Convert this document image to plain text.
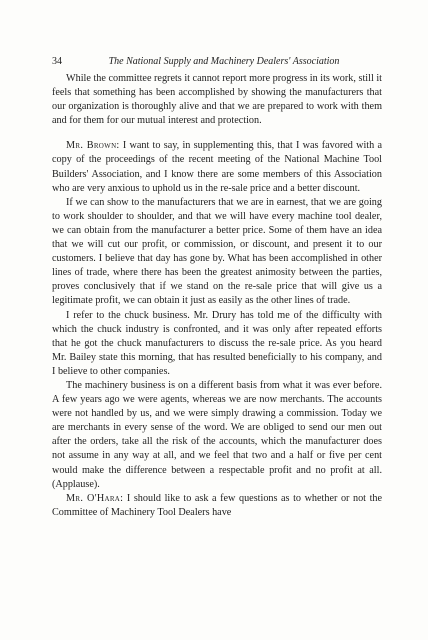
34	The National Supply and Machinery Dealers' Association

While the committee regrets it cannot report more progress in its work, still it feels that something has been accomplished by showing the manufacturers that our organization is thoroughly alive and that we are prepared to work with them and for them for our mutual interest and protection.

Mr. Brown: I want to say, in supplementing this, that I was favored with a copy of the proceedings of the recent meeting of the National Machine Tool Builders' Association, and I know there are some members of this Association who are very anxious to uphold us in the re-sale price and a better discount.

If we can show to the manufacturers that we are in earnest, that we are going to work shoulder to shoulder, and that we will have every machine tool dealer, we can obtain from the manufacturer a better price. Some of them have an idea that we will cut our profit, or commission, or discount, and present it to our customers. I believe that day has gone by. What has been accomplished in other lines of trade, where there has been the greatest animosity between the parties, proves conclusively that if we stand on the re-sale price that will give us a legitimate profit, we can obtain it just as easily as the other lines of trade.

I refer to the chuck business. Mr. Drury has told me of the difficulty with which the chuck industry is confronted, and it was only after repeated efforts that he got the chuck manufacturers to discuss the re-sale price. As you heard Mr. Bailey state this morning, that has resulted beneficially to his company, and I believe to other companies.

The machinery business is on a different basis from what it was ever before. A few years ago we were agents, whereas we are now merchants. The accounts were not handled by us, and we were simply drawing a commission. Today we are merchants in every sense of the word. We are obliged to send our men out after the orders, take all the risk of the accounts, which the manufacturer does not assume in any way at all, and we feel that two and a half or five per cent would make the difference between a respectable profit and no profit at all. (Applause).

Mr. O'Hara: I should like to ask a few questions as to whether or not the Committee of Machinery Tool Dealers have
